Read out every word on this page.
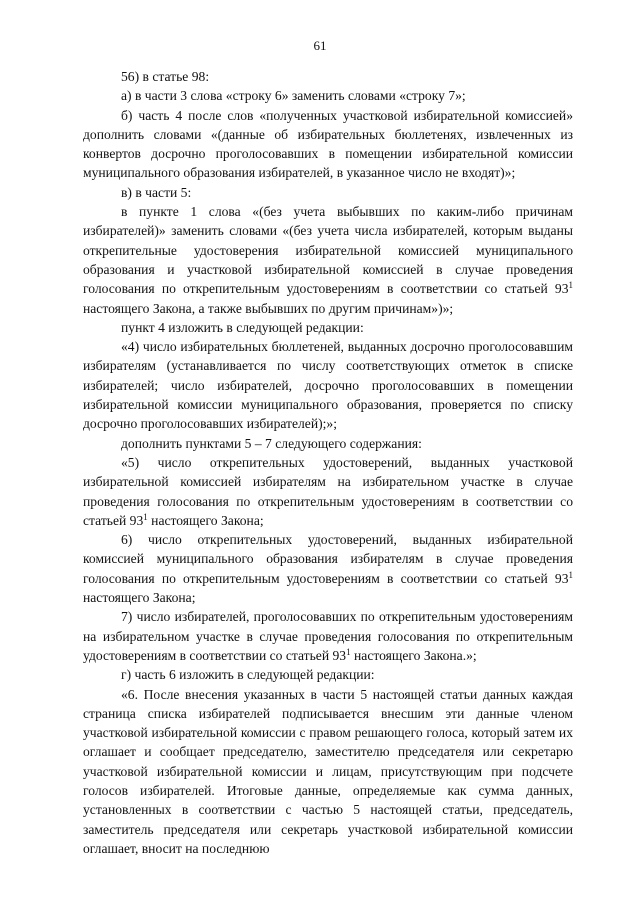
61

56) в статье 98:

а) в части 3 слова «строку 6» заменить словами «строку 7»;

б) часть 4 после слов «полученных участковой избирательной комиссией» дополнить словами «(данные об избирательных бюллетенях, извлеченных из конвертов досрочно проголосовавших в помещении избирательной комиссии муниципального образования избирателей, в указанное число не входят)»;

в) в части 5:

в пункте 1 слова «(без учета выбывших по каким-либо причинам избирателей)» заменить словами «(без учета числа избирателей, которым выданы открепительные удостоверения избирательной комиссией муниципального образования и участковой избирательной комиссией в случае проведения голосования по открепительным удостоверениям в соответствии со статьей $93^1$ настоящего Закона, а также выбывших по другим причинам»)»;

пункт 4 изложить в следующей редакции:

«4) число избирательных бюллетеней, выданных досрочно проголосовавшим избирателям (устанавливается по числу соответствующих отметок в списке избирателей; число избирателей, досрочно проголосовавших в помещении избирательной комиссии муниципального образования, проверяется по списку досрочно проголосовавших избирателей);»;

дополнить пунктами 5 – 7 следующего содержания:

«5) число открепительных удостоверений, выданных участковой избирательной комиссией избирателям на избирательном участке в случае проведения голосования по открепительным удостоверениям в соответствии со статьей $93^1$ настоящего Закона;

6) число открепительных удостоверений, выданных избирательной комиссией муниципального образования избирателям в случае проведения голосования по открепительным удостоверениям в соответствии со статьей $93^1$ настоящего Закона;

7) число избирателей, проголосовавших по открепительным удостоверениям на избирательном участке в случае проведения голосования по открепительным удостоверениям в соответствии со статьей $93^1$ настоящего Закона.»;

г) часть 6 изложить в следующей редакции:

«6. После внесения указанных в части 5 настоящей статьи данных каждая страница списка избирателей подписывается внесшим эти данные членом участковой избирательной комиссии с правом решающего голоса, который затем их оглашает и сообщает председателю, заместителю председателя или секретарю участковой избирательной комиссии и лицам, присутствующим при подсчете голосов избирателей. Итоговые данные, определяемые как сумма данных, установленных в соответствии с частью 5 настоящей статьи, председатель, заместитель председателя или секретарь участковой избирательной комиссии оглашает, вносит на последнюю
